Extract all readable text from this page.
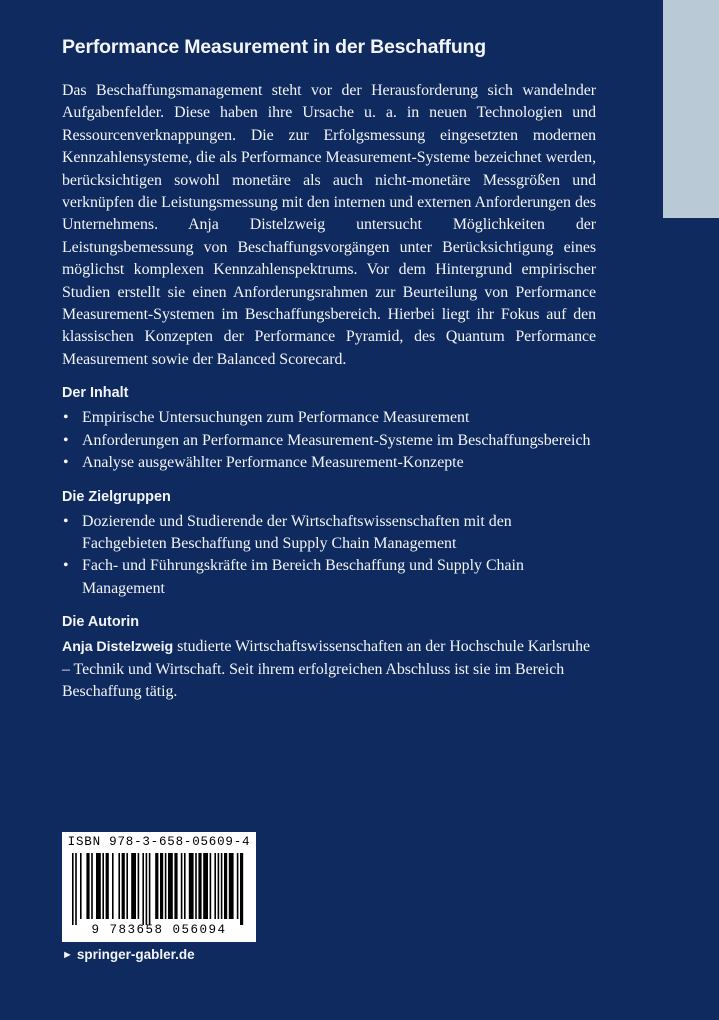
Performance Measurement in der Beschaffung

Das Beschaffungsmanagement steht vor der Herausforderung sich wandelnder Aufgabenfelder. Diese haben ihre Ursache u. a. in neuen Technologien und Ressourcenverknappungen. Die zur Erfolgsmessung eingesetzten modernen Kennzahlensysteme, die als Performance Measurement-Systeme bezeichnet werden, berücksichtigen sowohl monetäre als auch nicht-monetäre Messgrößen und verknüpfen die Leistungsmessung mit den internen und externen Anforderungen des Unternehmens. Anja Distelzweig untersucht Möglichkeiten der Leistungsbemessung von Beschaffungsvorgängen unter Berücksichtigung eines möglichst komplexen Kennzahlenspektrums. Vor dem Hintergrund empirischer Studien erstellt sie einen Anforderungsrahmen zur Beurteilung von Performance Measurement-Systemen im Beschaffungsbereich. Hierbei liegt ihr Fokus auf den klassischen Konzepten der Performance Pyramid, des Quantum Performance Measurement sowie der Balanced Scorecard.

Der Inhalt
• Empirische Untersuchungen zum Performance Measurement
• Anforderungen an Performance Measurement-Systeme im Beschaffungsbereich
• Analyse ausgewählter Performance Measurement-Konzepte
Die Zielgruppen
• Dozierende und Studierende der Wirtschaftswissenschaften mit den Fachgebieten Beschaffung und Supply Chain Management
• Fach- und Führungskräfte im Bereich Beschaffung und Supply Chain Management
Die Autorin

Anja Distelzweig studierte Wirtschaftswissenschaften an der Hochschule Karlsruhe – Technik und Wirtschaft. Seit ihrem erfolgreichen Abschluss ist sie im Bereich Beschaffung tätig.

ISBN 978-3-658-05609-4
9 783658 056094
► springer-gabler.de
